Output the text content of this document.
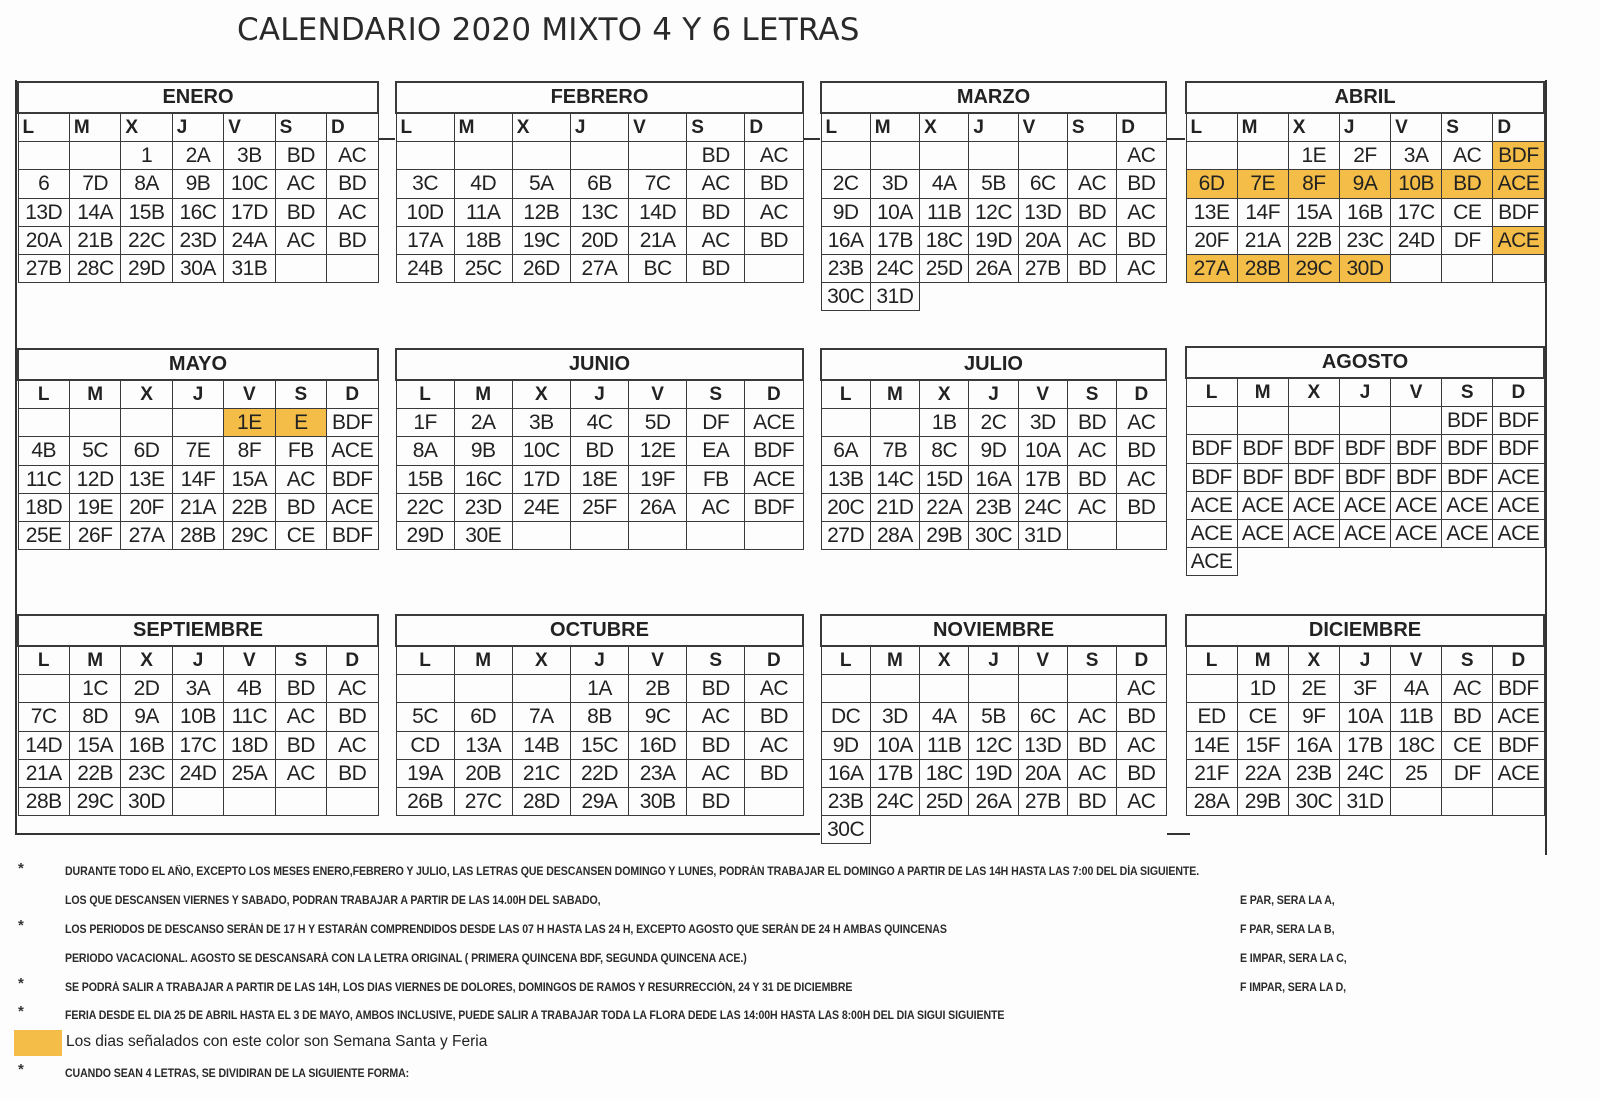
CALENDARIO 2020 MIXTO 4 Y 6 LETRAS
ENERO						
L	M	X	J	V	S	D
		1	2A	3B	BD	AC
6	7D	8A	9B	10C	AC	BD
13D	14A	15B	16C	17D	BD	AC
20A	21B	22C	23D	24A	AC	BD
27B	28C	29D	30A	31B		
FEBRERO						
L	M	X	J	V	S	D
					BD	AC
3C	4D	5A	6B	7C	AC	BD
10D	11A	12B	13C	14D	BD	AC
17A	18B	19C	20D	21A	AC	BD
24B	25C	26D	27A	BC	BD	
MARZO						
L	M	X	J	V	S	D
						AC
2C	3D	4A	5B	6C	AC	BD
9D	10A	11B	12C	13D	BD	AC
16A	17B	18C	19D	20A	AC	BD
23B	24C	25D	26A	27B	BD	AC
30C	31D					
ABRIL						
L	M	X	J	V	S	D
		1E	2F	3A	AC	BDF
6D	7E	8F	9A	10B	BD	ACE
13E	14F	15A	16B	17C	CE	BDF
20F	21A	22B	23C	24D	DF	ACE
27A	28B	29C	30D			
MAYO						
L	M	X	J	V	S	D
				1E	E	BDF
4B	5C	6D	7E	8F	FB	ACE
11C	12D	13E	14F	15A	AC	BDF
18D	19E	20F	21A	22B	BD	ACE
25E	26F	27A	28B	29C	CE	BDF
JUNIO						
L	M	X	J	V	S	D
1F	2A	3B	4C	5D	DF	ACE
8A	9B	10C	BD	12E	EA	BDF
15B	16C	17D	18E	19F	FB	ACE
22C	23D	24E	25F	26A	AC	BDF
29D	30E					
JULIO						
L	M	X	J	V	S	D
		1B	2C	3D	BD	AC
6A	7B	8C	9D	10A	AC	BD
13B	14C	15D	16A	17B	BD	AC
20C	21D	22A	23B	24C	AC	BD
27D	28A	29B	30C	31D		
AGOSTO						
L	M	X	J	V	S	D
					BDF	BDF
BDF	BDF	BDF	BDF	BDF	BDF	BDF
BDF	BDF	BDF	BDF	BDF	BDF	ACE
ACE	ACE	ACE	ACE	ACE	ACE	ACE
ACE	ACE	ACE	ACE	ACE	ACE	ACE
ACE						
SEPTIEMBRE						
L	M	X	J	V	S	D
	1C	2D	3A	4B	BD	AC
7C	8D	9A	10B	11C	AC	BD
14D	15A	16B	17C	18D	BD	AC
21A	22B	23C	24D	25A	AC	BD
28B	29C	30D				
OCTUBRE						
L	M	X	J	V	S	D
			1A	2B	BD	AC
5C	6D	7A	8B	9C	AC	BD
CD	13A	14B	15C	16D	BD	AC
19A	20B	21C	22D	23A	AC	BD
26B	27C	28D	29A	30B	BD	
NOVIEMBRE						
L	M	X	J	V	S	D
						AC
DC	3D	4A	5B	6C	AC	BD
9D	10A	11B	12C	13D	BD	AC
16A	17B	18C	19D	20A	AC	BD
23B	24C	25D	26A	27B	BD	AC
30C						
DICIEMBRE						
L	M	X	J	V	S	D
	1D	2E	3F	4A	AC	BDF
ED	CE	9F	10A	11B	BD	ACE
14E	15F	16A	17B	18C	CE	BDF
21F	22A	23B	24C	25	DF	ACE
28A	29B	30C	31D			
*	DURANTE TODO EL AÑO, EXCEPTO LOS MESES ENERO,FEBRERO Y JULIO, LAS LETRAS QUE DESCANSEN DOMINGO Y LUNES, PODRÁN TRABAJAR EL DOMINGO A PARTIR DE LAS 14H HASTA LAS 7:00 DEL DÍA SIGUIENTE.
LOS QUE DESCANSEN VIERNES Y SABADO, PODRAN TRABAJAR A PARTIR DE LAS 14.00H DEL SABADO,	E PAR, SERA LA A,
*	LOS PERIODOS DE DESCANSO SERÁN DE 17 H Y ESTARÁN COMPRENDIDOS DESDE LAS 07 H HASTA LAS 24 H, EXCEPTO AGOSTO QUE SERÁN DE 24 H AMBAS QUINCENAS	F PAR, SERA LA B,
PERIODO VACACIONAL. AGOSTO SE DESCANSARÁ CON LA LETRA ORIGINAL ( PRIMERA QUINCENA BDF, SEGUNDA QUINCENA ACE.)	E IMPAR, SERA LA C,
*	SE PODRÁ SALIR A TRABAJAR A PARTIR DE LAS 14H, LOS DIAS VIERNES DE DOLORES, DOMINGOS DE RAMOS Y RESURRECCIÓN, 24 Y 31 DE DICIEMBRE	F IMPAR, SERA LA D,
*	FERIA DESDE EL DIA 25 DE ABRIL HASTA EL 3 DE MAYO, AMBOS INCLUSIVE, PUEDE SALIR A TRABAJAR TODA LA FLORA DEDE LAS 14:00H HASTA LAS 8:00H DEL DIA SIGUI SIGUIENTE
Los dias señalados con este color son Semana Santa y Feria
*	CUANDO SEAN 4 LETRAS, SE DIVIDIRAN DE LA SIGUIENTE FORMA:
